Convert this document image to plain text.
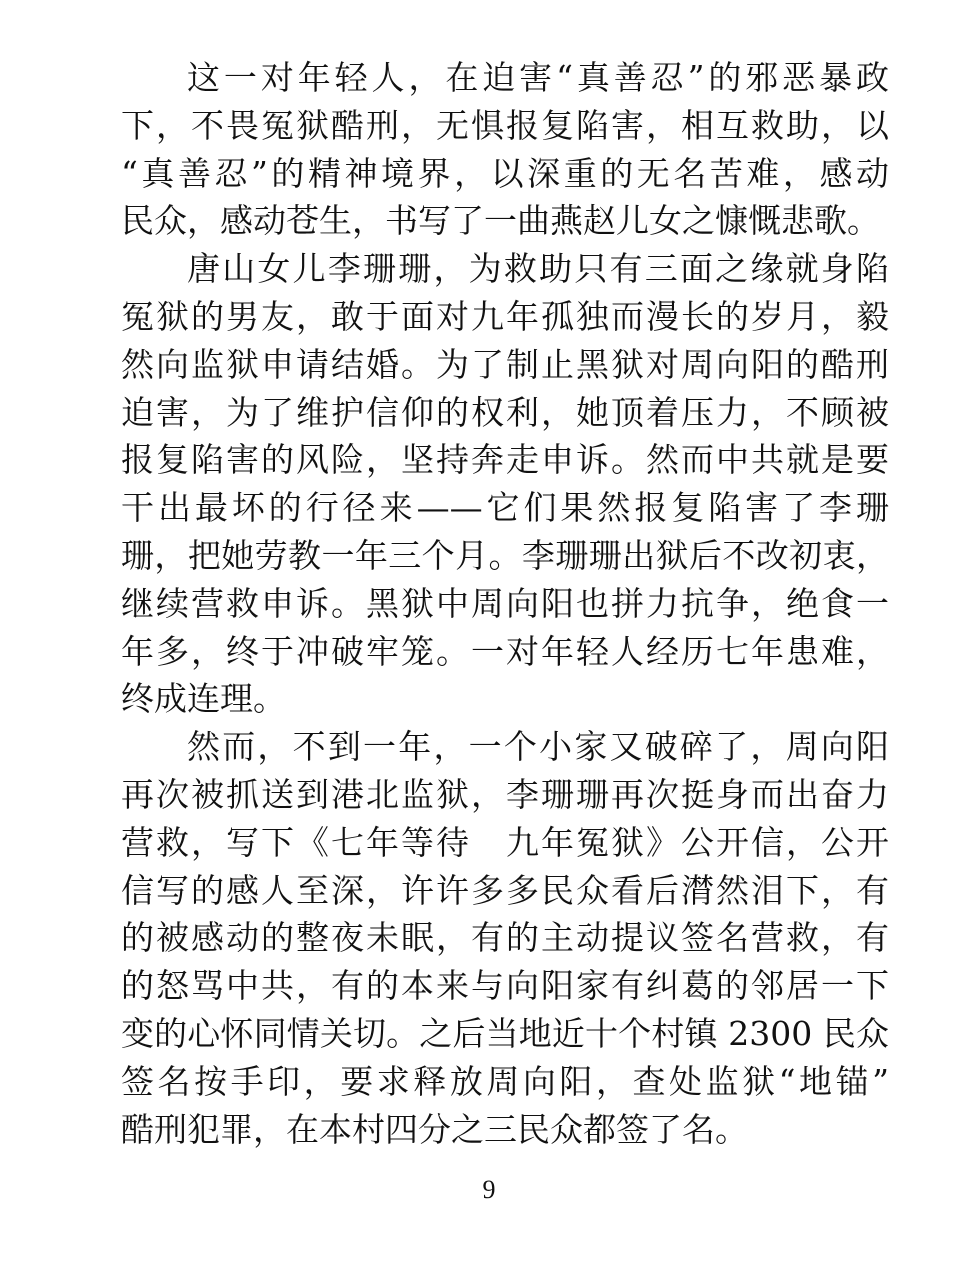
这一对年轻人，在迫害“真善忍”的邪恶暴政
下，不畏冤狱酷刑，无惧报复陷害，相互救助，以
“真善忍”的精神境界，以深重的无名苦难，感动
民众，感动苍生，书写了一曲燕赵儿女之慷慨悲歌。
唐山女儿李珊珊，为救助只有三面之缘就身陷
冤狱的男友，敢于面对九年孤独而漫长的岁月，毅
然向监狱申请结婚。为了制止黑狱对周向阳的酷刑
迫害，为了维护信仰的权利，她顶着压力，不顾被
报复陷害的风险，坚持奔走申诉。然而中共就是要
干出最坏的行径来——它们果然报复陷害了李珊
珊，把她劳教一年三个月。李珊珊出狱后不改初衷，
继续营救申诉。黑狱中周向阳也拼力抗争，绝食一
年多，终于冲破牢笼。一对年轻人经历七年患难，
终成连理。
然而，不到一年，一个小家又破碎了，周向阳
再次被抓送到港北监狱，李珊珊再次挺身而出奋力
营救，写下《七年等待　九年冤狱》公开信，公开
信写的感人至深，许许多多民众看后潸然泪下，有
的被感动的整夜未眠，有的主动提议签名营救，有
的怒骂中共，有的本来与向阳家有纠葛的邻居一下
变的心怀同情关切。之后当地近十个村镇 2300 民众
签名按手印，要求释放周向阳，查处监狱“地锚”
酷刑犯罪，在本村四分之三民众都签了名。
9
